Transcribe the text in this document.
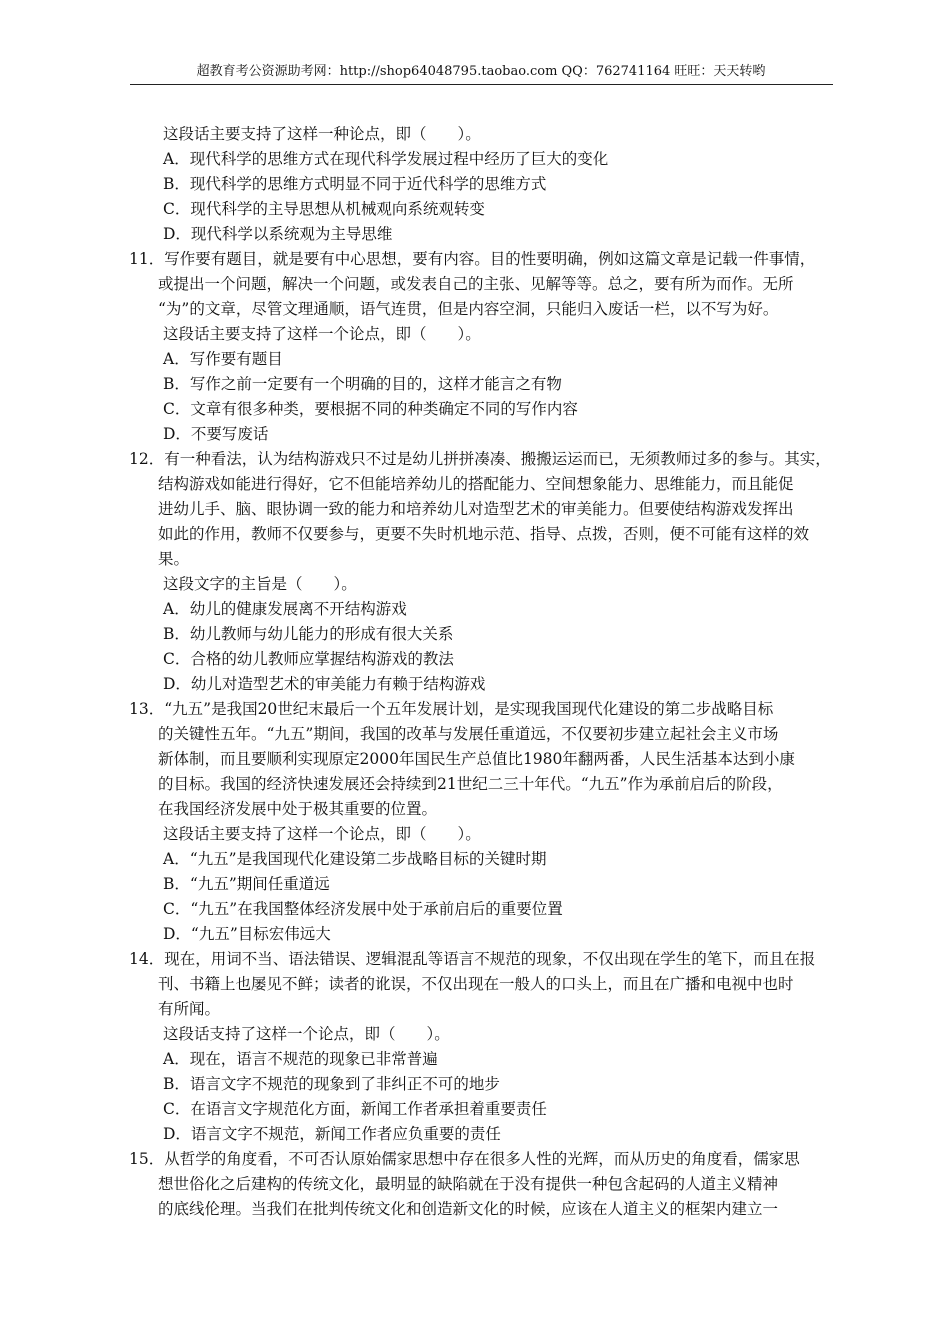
超教育考公资源助考网：http://shop64048795.taobao.com QQ：762741164 旺旺：天天转哟
这段话主要支持了这样一种论点，即（　　）。
A．现代科学的思维方式在现代科学发展过程中经历了巨大的变化
B．现代科学的思维方式明显不同于近代科学的思维方式
C．现代科学的主导思想从机械观向系统观转变
D．现代科学以系统观为主导思维
11．写作要有题目，就是要有中心思想，要有内容。目的性要明确，例如这篇文章是记载一件事情，
或提出一个问题，解决一个问题，或发表自己的主张、见解等等。总之，要有所为而作。无所
“为”的文章，尽管文理通顺，语气连贯，但是内容空洞，只能归入废话一栏，以不写为好。
这段话主要支持了这样一个论点，即（　　）。
A．写作要有题目
B．写作之前一定要有一个明确的目的，这样才能言之有物
C．文章有很多种类，要根据不同的种类确定不同的写作内容
D．不要写废话
12．有一种看法，认为结构游戏只不过是幼儿拼拼凑凑、搬搬运运而已，无须教师过多的参与。其实，
结构游戏如能进行得好，它不但能培养幼儿的搭配能力、空间想象能力、思维能力，而且能促
进幼儿手、脑、眼协调一致的能力和培养幼儿对造型艺术的审美能力。但要使结构游戏发挥出
如此的作用，教师不仅要参与，更要不失时机地示范、指导、点拨，否则，便不可能有这样的效
果。
这段文字的主旨是（　　）。
A．幼儿的健康发展离不开结构游戏
B．幼儿教师与幼儿能力的形成有很大关系
C．合格的幼儿教师应掌握结构游戏的教法
D．幼儿对造型艺术的审美能力有赖于结构游戏
13．“九五”是我国20世纪末最后一个五年发展计划，是实现我国现代化建设的第二步战略目标
的关键性五年。“九五”期间，我国的改革与发展任重道远，不仅要初步建立起社会主义市场
新体制，而且要顺利实现原定2000年国民生产总值比1980年翻两番，人民生活基本达到小康
的目标。我国的经济快速发展还会持续到21世纪二三十年代。“九五”作为承前启后的阶段，
在我国经济发展中处于极其重要的位置。
这段话主要支持了这样一个论点，即（　　）。
A．“九五”是我国现代化建设第二步战略目标的关键时期
B．“九五”期间任重道远
C．“九五”在我国整体经济发展中处于承前启后的重要位置
D．“九五”目标宏伟远大
14．现在，用词不当、语法错误、逻辑混乱等语言不规范的现象，不仅出现在学生的笔下，而且在报
刊、书籍上也屡见不鲜；读者的讹误，不仅出现在一般人的口头上，而且在广播和电视中也时
有所闻。
这段话支持了这样一个论点，即（　　）。
A．现在，语言不规范的现象已非常普遍
B．语言文字不规范的现象到了非纠正不可的地步
C．在语言文字规范化方面，新闻工作者承担着重要责任
D．语言文字不规范，新闻工作者应负重要的责任
15．从哲学的角度看，不可否认原始儒家思想中存在很多人性的光辉，而从历史的角度看，儒家思
想世俗化之后建构的传统文化，最明显的缺陷就在于没有提供一种包含起码的人道主义精神
的底线伦理。当我们在批判传统文化和创造新文化的时候，应该在人道主义的框架内建立一
